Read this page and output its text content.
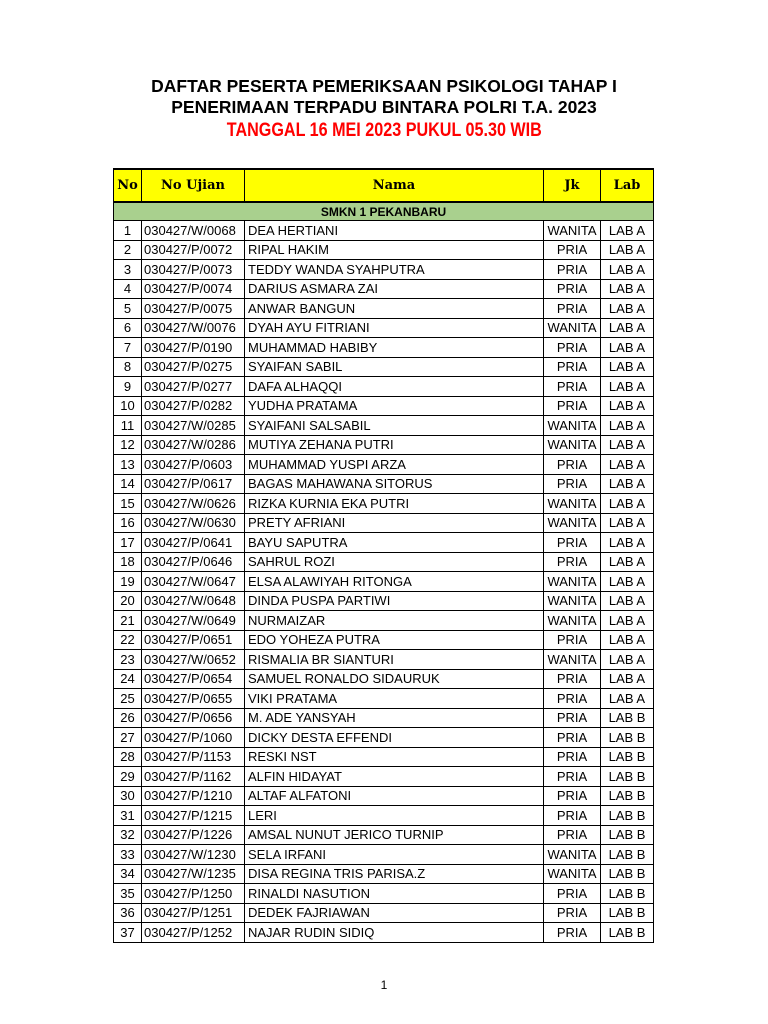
DAFTAR PESERTA PEMERIKSAAN PSIKOLOGI TAHAP I
PENERIMAAN TERPADU BINTARA POLRI T.A. 2023
TANGGAL 16 MEI 2023 PUKUL 05.30 WIB
No	No Ujian	Nama	Jk	Lab
SMKN 1 PEKANBARU
1 030427/W/0068 DEA HERTIANI	WANITA LAB A
2 030427/P/0072	RIPAL HAKIM	PRIA	LAB A
3 030427/P/0073	TEDDY WANDA SYAHPUTRA	PRIA	LAB A
4 030427/P/0074	DARIUS ASMARA ZAI	PRIA	LAB A
5 030427/P/0075	ANWAR BANGUN	PRIA	LAB A
6 030427/W/0076 DYAH AYU FITRIANI	WANITA LAB A
7 030427/P/0190	MUHAMMAD HABIBY	PRIA	LAB A
8 030427/P/0275	SYAIFAN SABIL	PRIA	LAB A
9 030427/P/0277	DAFA ALHAQQI	PRIA	LAB A
10 030427/P/0282	YUDHA PRATAMA	PRIA	LAB A
11 030427/W/0285 SYAIFANI SALSABIL	WANITA LAB A
12 030427/W/0286 MUTIYA ZEHANA PUTRI	WANITA LAB A
13 030427/P/0603	MUHAMMAD YUSPI ARZA	PRIA	LAB A
14 030427/P/0617	BAGAS MAHAWANA SITORUS	PRIA	LAB A
15 030427/W/0626 RIZKA KURNIA EKA PUTRI	WANITA LAB A
16 030427/W/0630 PRETY AFRIANI	WANITA LAB A
17 030427/P/0641	BAYU SAPUTRA	PRIA	LAB A
18 030427/P/0646	SAHRUL ROZI	PRIA	LAB A
19 030427/W/0647 ELSA ALAWIYAH RITONGA	WANITA LAB A
20 030427/W/0648 DINDA PUSPA PARTIWI	WANITA LAB A
21 030427/W/0649 NURMAIZAR	WANITA LAB A
22 030427/P/0651	EDO YOHEZA PUTRA	PRIA	LAB A
23 030427/W/0652 RISMALIA BR SIANTURI	WANITA LAB A
24 030427/P/0654	SAMUEL RONALDO SIDAURUK	PRIA	LAB A
25 030427/P/0655	VIKI PRATAMA	PRIA	LAB A
26 030427/P/0656	M. ADE YANSYAH	PRIA	LAB B
27 030427/P/1060	DICKY DESTA EFFENDI	PRIA	LAB B
28 030427/P/1153	RESKI NST	PRIA	LAB B
29 030427/P/1162	ALFIN HIDAYAT	PRIA	LAB B
30 030427/P/1210	ALTAF ALFATONI	PRIA	LAB B
31 030427/P/1215	LERI	PRIA	LAB B
32 030427/P/1226	AMSAL NUNUT JERICO TURNIP	PRIA	LAB B
33 030427/W/1230 SELA IRFANI	WANITA LAB B
34 030427/W/1235 DISA REGINA TRIS PARISA.Z	WANITA LAB B
35 030427/P/1250	RINALDI NASUTION	PRIA	LAB B
36 030427/P/1251	DEDEK FAJRIAWAN	PRIA	LAB B
37 030427/P/1252	NAJAR RUDIN SIDIQ	PRIA	LAB B
1
